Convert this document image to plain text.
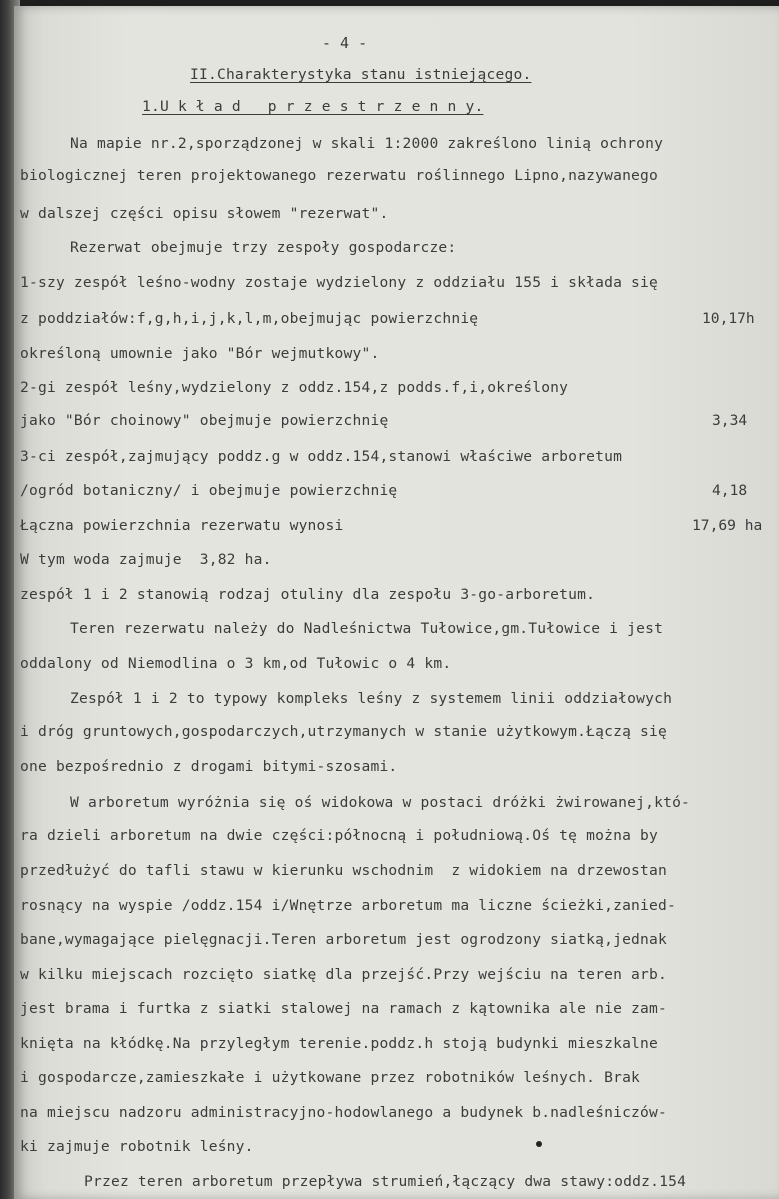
- 4 -
II.Charakterystyka stanu istniejącego.
1.U k ł a d   p r z e s t r z e n n y.
Na mapie nr.2,sporządzonej w skali 1:2000 zakreślono linią ochrony
biologicznej teren projektowanego rezerwatu roślinnego Lipno,nazywanego
w dalszej części opisu słowem "rezerwat".
Rezerwat obejmuje trzy zespoły gospodarcze:
1-szy zespół leśno-wodny zostaje wydzielony z oddziału 155 i składa się
z poddziałów:f,g,h,i,j,k,l,m,obejmując powierzchnię	10,17h
określoną umownie jako "Bór wejmutkowy".
2-gi zespół leśny,wydzielony z oddz.154,z podds.f,i,określony
jako "Bór choinowy" obejmuje powierzchnię	3,34
3-ci zespół,zajmujący poddz.g w oddz.154,stanowi właściwe arboretum
/ogród botaniczny/ i obejmuje powierzchnię	4,18
Łączna powierzchnia rezerwatu wynosi	17,69 ha
W tym woda zajmuje  3,82 ha.
zespół 1 i 2 stanowią rodzaj otuliny dla zespołu 3-go-arboretum.
Teren rezerwatu należy do Nadleśnictwa Tułowice,gm.Tułowice i jest
oddalony od Niemodlina o 3 km,od Tułowic o 4 km.
Zespół 1 i 2 to typowy kompleks leśny z systemem linii oddziałowych
i dróg gruntowych,gospodarczych,utrzymanych w stanie użytkowym.Łączą się
one bezpośrednio z drogami bitymi-szosami.
W arboretum wyróżnia się oś widokowa w postaci dróżki żwirowanej,któ-
ra dzieli arboretum na dwie części:północną i południową.Oś tę można by
przedłużyć do tafli stawu w kierunku wschodnim  z widokiem na drzewostan
rosnący na wyspie /oddz.154 i/Wnętrze arboretum ma liczne ścieżki,zanied-
bane,wymagające pielęgnacji.Teren arboretum jest ogrodzony siatką,jednak
w kilku miejscach rozcięto siatkę dla przejść.Przy wejściu na teren arb.
jest brama i furtka z siatki stalowej na ramach z kątownika ale nie zam-
knięta na kłódkę.Na przyległym terenie.poddz.h stoją budynki mieszkalne
i gospodarcze,zamieszkałe i użytkowane przez robotników leśnych. Brak
na miejscu nadzoru administracyjno-hodowlanego a budynek b.nadleśniczów-
ki zajmuje robotnik leśny.
Przez teren arboretum przepływa strumień,łączący dwa stawy:oddz.154
